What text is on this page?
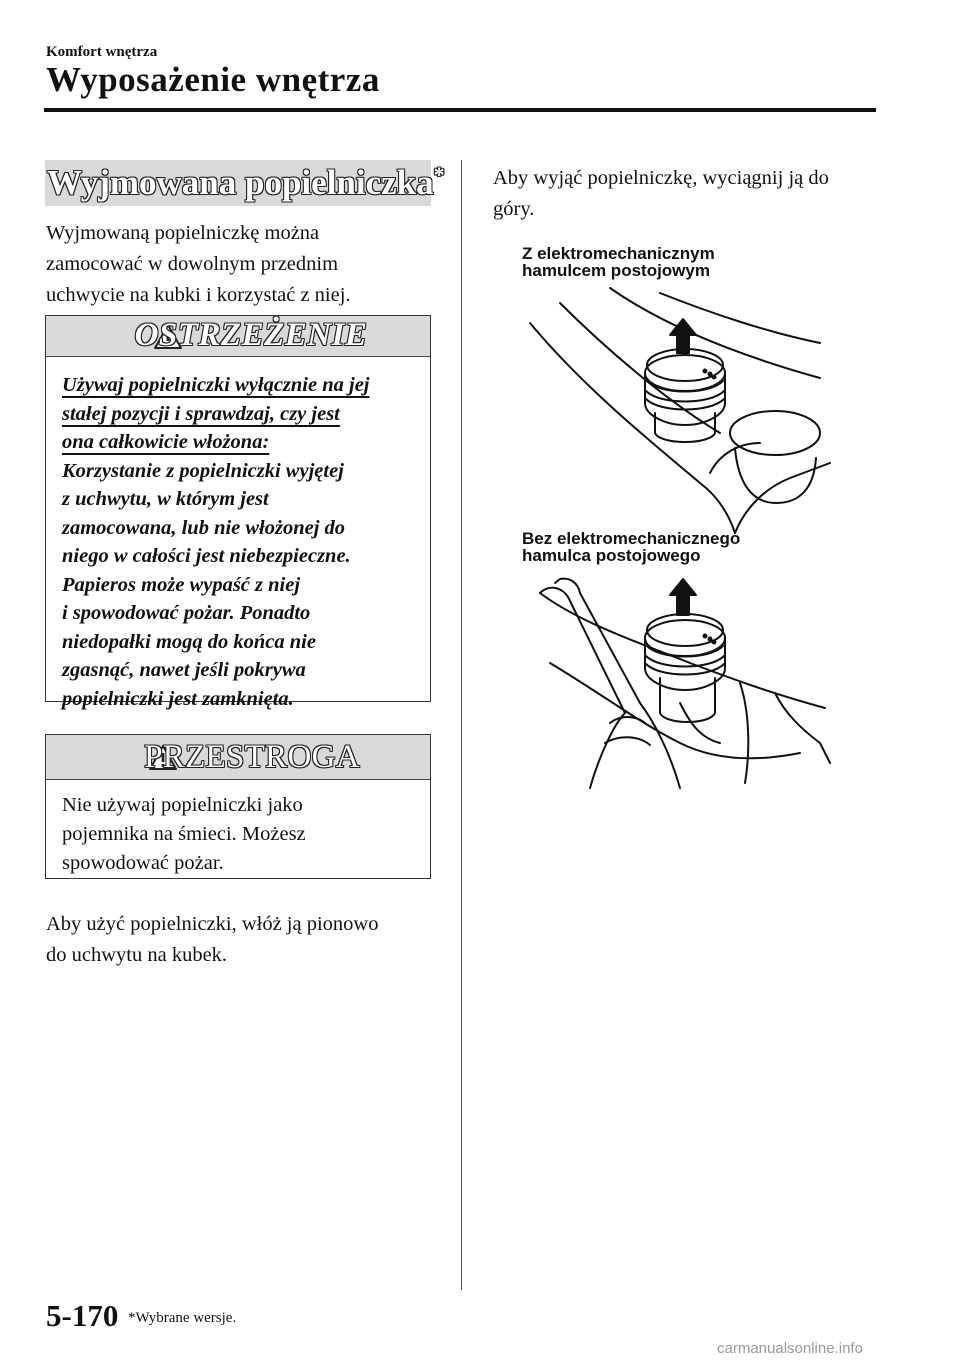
Komfort wnętrza
Wyposażenie wnętrza
Wyjmowana popielniczka*
Wyjmowaną popielniczkę można
zamocować w dowolnym przednim
uchwycie na kubki i korzystać z niej.
OSTRZEŻENIE
Używaj popielniczki wyłącznie na jej
stałej pozycji i sprawdzaj, czy jest
ona całkowicie włożona:
Korzystanie z popielniczki wyjętej
z uchwytu, w którym jest
zamocowana, lub nie włożonej do
niego w całości jest niebezpieczne.
Papieros może wypaść z niej
i spowodować pożar. Ponadto
niedopałki mogą do końca nie
zgasnąć, nawet jeśli pokrywa
popielniczki jest zamknięta.
PRZESTROGA
Nie używaj popielniczki jako
pojemnika na śmieci. Możesz
spowodować pożar.
Aby użyć popielniczki, włóż ją pionowo
do uchwytu na kubek.
Aby wyjąć popielniczkę, wyciągnij ją do
góry.
Z elektromechanicznym
hamulcem postojowym
Bez elektromechanicznego
hamulca postojowego
5-170 *Wybrane wersje.
carmanualsonline.info
